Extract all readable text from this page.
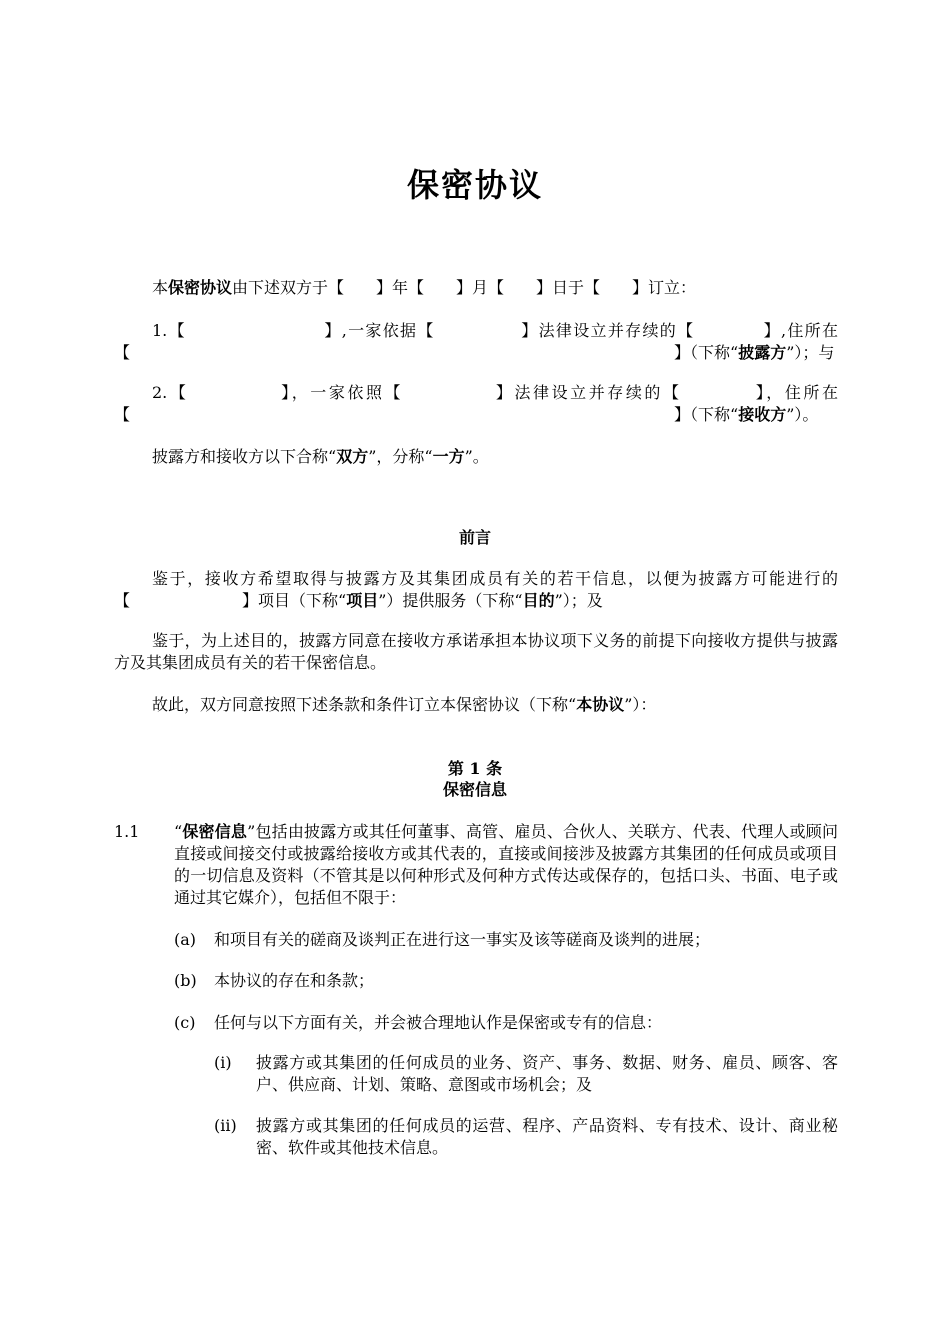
保密协议
本保密协议由下述双方于【　　】年【　　】月【　　】日于【　　】订立：
1.【　　　　　　　　】,一家依据【　　　　　】法律设立并存续的【　　　　】,住所在【　　　　　　　　　　　　　　　　　　　　　　　　　　　　　　　　　　】（下称“披露方”）；与
2.【　　　　　】，一家依照【　　　　　】法律设立并存续的【　　　　】，住所在【　　　　　　　　　　　　　　　　　　　　　　　　　　　　　　　　　　】（下称“接收方”）。
披露方和接收方以下合称“双方”，分称“一方”。
前言
鉴于，接收方希望取得与披露方及其集团成员有关的若干信息，以便为披露方可能进行的【　　　　　　　】项目（下称“项目”）提供服务（下称“目的”）；及
鉴于，为上述目的，披露方同意在接收方承诺承担本协议项下义务的前提下向接收方提供与披露方及其集团成员有关的若干保密信息。
故此，双方同意按照下述条款和条件订立本保密协议（下称“本协议”）：
第 1 条
保密信息
1.1 “保密信息”包括由披露方或其任何董事、高管、雇员、合伙人、关联方、代表、代理人或顾问直接或间接交付或披露给接收方或其代表的，直接或间接涉及披露方其集团的任何成员或项目的一切信息及资料（不管其是以何种形式及何种方式传达或保存的，包括口头、书面、电子或通过其它媒介），包括但不限于：
(a) 和项目有关的磋商及谈判正在进行这一事实及该等磋商及谈判的进展；
(b) 本协议的存在和条款；
(c) 任何与以下方面有关，并会被合理地认作是保密或专有的信息：
(i) 披露方或其集团的任何成员的业务、资产、事务、数据、财务、雇员、顾客、客户、供应商、计划、策略、意图或市场机会；及
(ii) 披露方或其集团的任何成员的运营、程序、产品资料、专有技术、设计、商业秘密、软件或其他技术信息。
